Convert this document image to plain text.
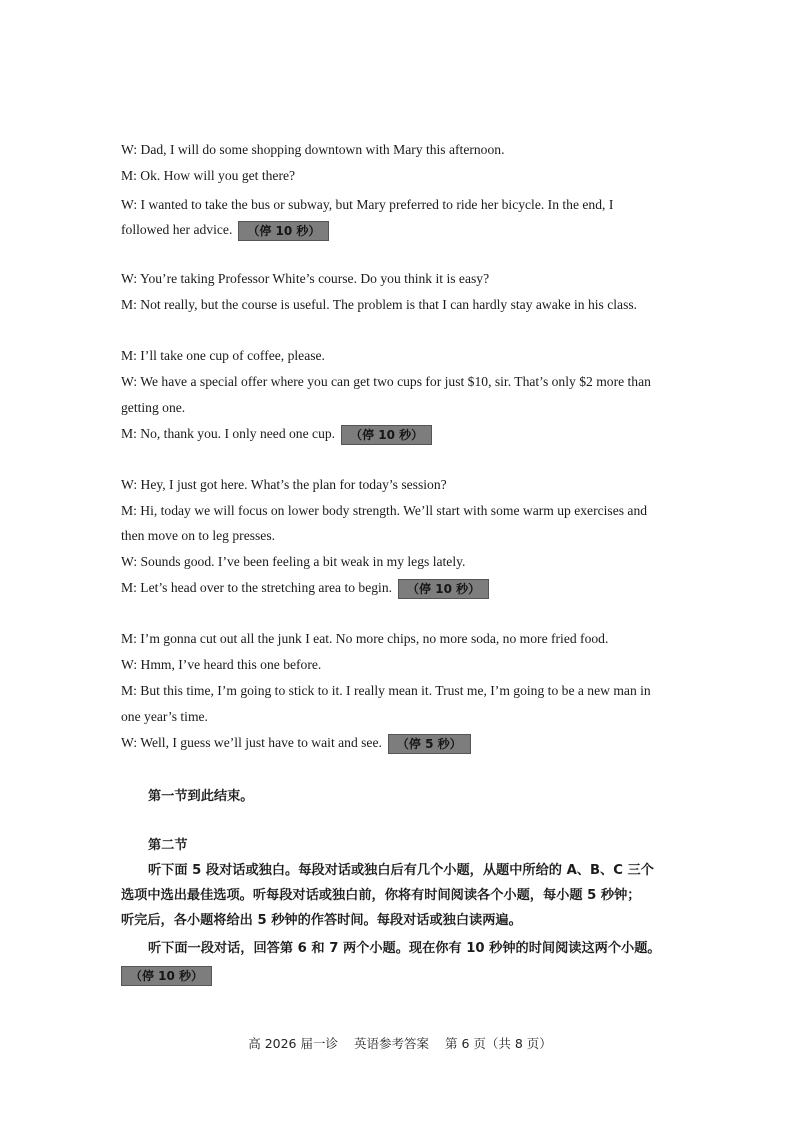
W: Dad, I will do some shopping downtown with Mary this afternoon.
M: Ok. How will you get there?
W: I wanted to take the bus or subway, but Mary preferred to ride her bicycle. In the end, I
followed her advice. （停 10 秒）
W: You’re taking Professor White’s course. Do you think it is easy?
M: Not really, but the course is useful. The problem is that I can hardly stay awake in his class.
M: I’ll take one cup of coffee, please.
W: We have a special offer where you can get two cups for just $10, sir. That’s only $2 more than
getting one.
M: No, thank you. I only need one cup. （停 10 秒）
W: Hey, I just got here. What’s the plan for today’s session?
M: Hi, today we will focus on lower body strength. We’ll start with some warm up exercises and
then move on to leg presses.
W: Sounds good. I’ve been feeling a bit weak in my legs lately.
M: Let’s head over to the stretching area to begin. （停 10 秒）
M: I’m gonna cut out all the junk I eat. No more chips, no more soda, no more fried food.
W: Hmm, I’ve heard this one before.
M: But this time, I’m going to stick to it. I really mean it. Trust me, I’m going to be a new man in
one year’s time.
W: Well, I guess we’ll just have to wait and see. （停 5 秒）
第一节到此结束。
第二节
听下面 5 段对话或独白。每段对话或独白后有几个小题，从题中所给的 A、B、C 三个
选项中选出最佳选项。听每段对话或独白前，你将有时间阅读各个小题，每小题 5 秒钟；
听完后，各小题将给出 5 秒钟的作答时间。每段对话或独白读两遍。
听下面一段对话，回答第 6 和 7 两个小题。现在你有 10 秒钟的时间阅读这两个小题。
（停 10 秒）
高 2026 届一诊 英语参考答案 第 6 页（共 8 页）
